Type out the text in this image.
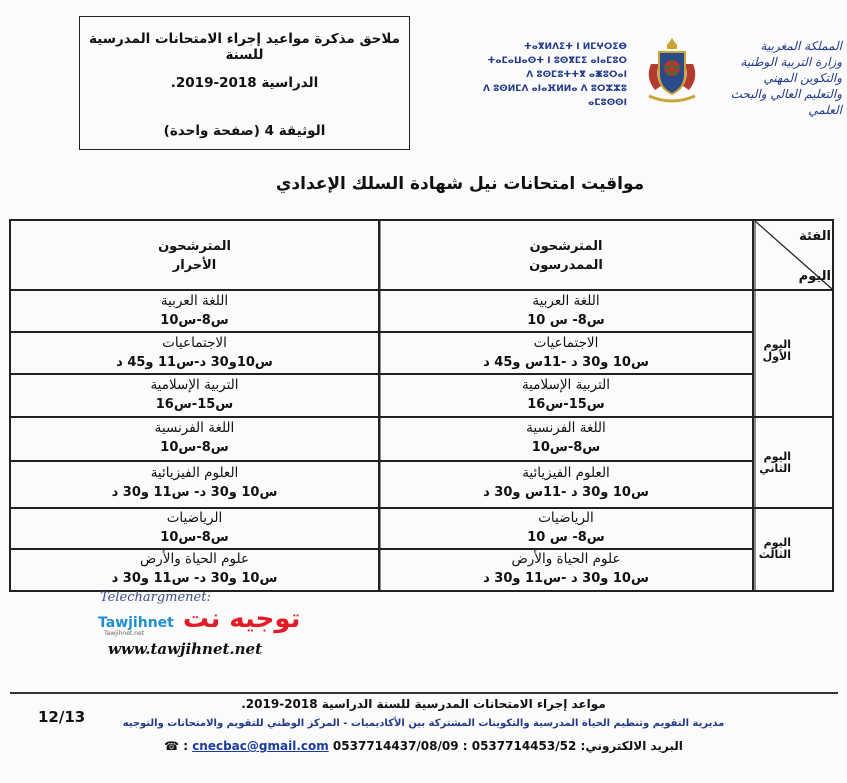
ملاحق مذكرة مواعيد إجراء الامتحانات المدرسية للسنة
الدراسية 2018-2019.
الوثيقة 4 (صفحة واحدة)
ⵜⴰⴳⵍⴷⵉⵜ ⵏ ⵍⵎⵖⵔⵉⴱ
ⵜⴰⵎⴰⵡⴰⵙⵜ ⵏ ⵓⵙⴳⵎⵉ ⴰⵏⴰⵎⵓⵔ
ⴷ ⵓⵙⵎⵓⵜⵜⴳ ⴰⵥⵓⵔⴰⵏ
ⴷ ⵓⵙⵍⵎⴷ ⴰⵏⴰⴼⵍⵍⴰ ⴷ ⵓⵔⵣⵣⵓ ⴰⵎⵓⵙⵙⵏ
المملكة المغربية
وزارة التربية الوطنية
والتكوين المهني
والتعليم العالي والبحث العلمي
مواقيت امتحانات نيل شهادة السلك الإعدادي
الفئة
اليوم
المترشحون
الممدرسون
المترشحون
الأحرار
اليوم الأول
اليوم الثاني
اليوم الثالث
اللغة العربية
س8- س 10
اللغة العربية
س8-س10
الاجتماعيات
س10 و30 د -11س و45 د
الاجتماعيات
س10و30 د-س11 و45 د
التربية الإسلامية
س15-س16
التربية الإسلامية
س15-س16
اللغة الفرنسية
س8-س10
اللغة الفرنسية
س8-س10
العلوم الفيزيائية
س10 و30 د -11س و30 د
العلوم الفيزيائية
س10 و30 د- س11 و30 د
الرياضيات
س8- س 10
الرياضيات
س8-س10
علوم الحياة والأرض
س10 و30 د -س11 و30 د
علوم الحياة والأرض
س10 و30 د- س11 و30 د
Telechargmenet:
توجيه نت Tawjihnet
Tawjihnet.net
www.tawjihnet.net
مواعد إجراء الامتحانات المدرسية للسنة الدراسية 2018-2019.
12/13	مديرية التقويم وتنظيم الحياة المدرسية والتكوينات المشتركة بين الأكاديميات - المركز الوطني للتقويم والامتحانات والتوجيه
البريد الالكتروني: cnecbac@gmail.com 0537714437/08/09 : 0537714453/52 : ☎
